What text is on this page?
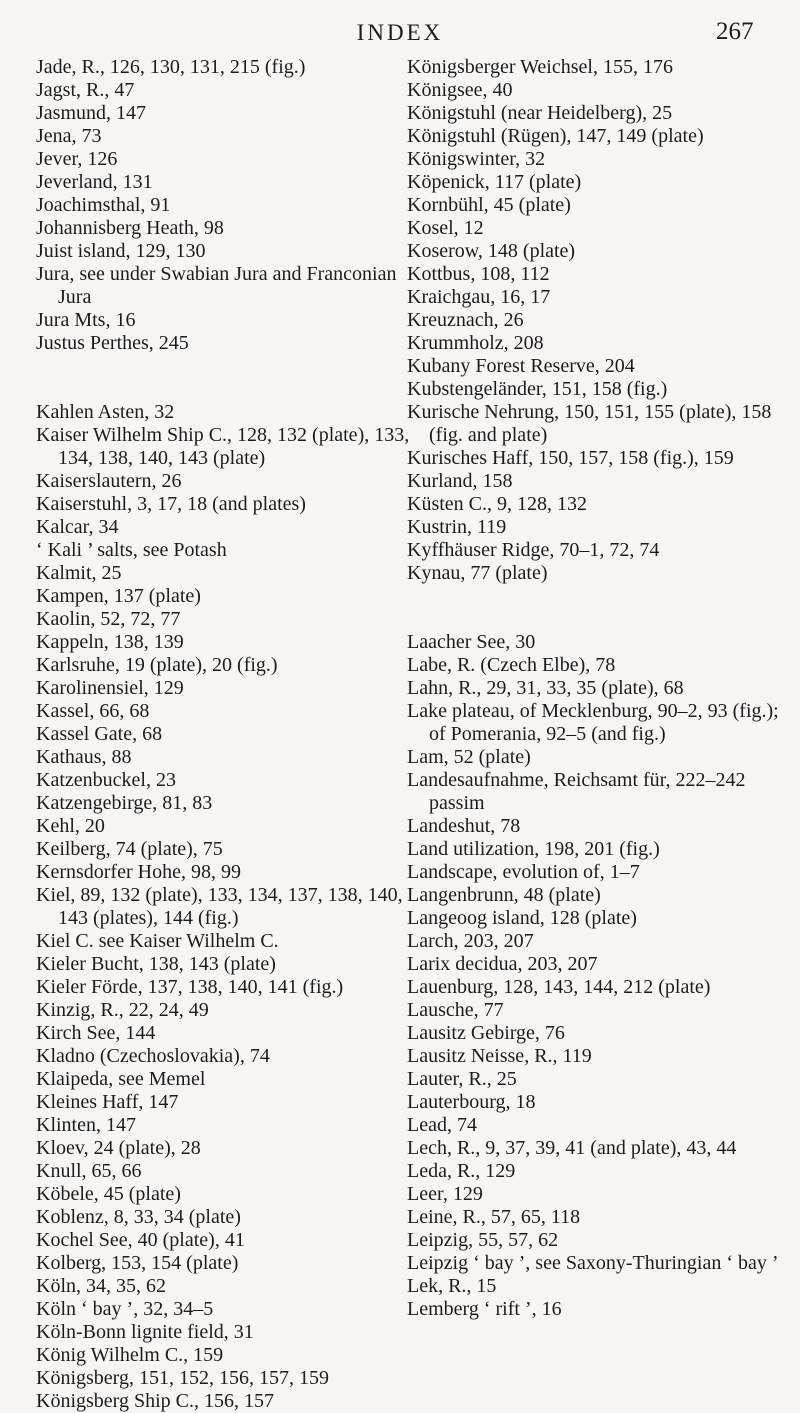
INDEX	267
Jade, R., 126, 130, 131, 215 (fig.)
Jagst, R., 47
Jasmund, 147
Jena, 73
Jever, 126
Jeverland, 131
Joachimsthal, 91
Johannisberg Heath, 98
Juist island, 129, 130
Jura, see under Swabian Jura and Franconian Jura
Jura Mts, 16
Justus Perthes, 245
Kahlen Asten, 32
Kaiser Wilhelm Ship C., 128, 132 (plate), 133, 134, 138, 140, 143 (plate)
Kaiserslautern, 26
Kaiserstuhl, 3, 17, 18 (and plates)
Kalcar, 34
‘ Kali ’ salts, see Potash
Kalmit, 25
Kampen, 137 (plate)
Kaolin, 52, 72, 77
Kappeln, 138, 139
Karlsruhe, 19 (plate), 20 (fig.)
Karolinensiel, 129
Kassel, 66, 68
Kassel Gate, 68
Kathaus, 88
Katzenbuckel, 23
Katzengebirge, 81, 83
Kehl, 20
Keilberg, 74 (plate), 75
Kernsdorfer Hohe, 98, 99
Kiel, 89, 132 (plate), 133, 134, 137, 138, 140, 143 (plates), 144 (fig.)
Kiel C. see Kaiser Wilhelm C.
Kieler Bucht, 138, 143 (plate)
Kieler Förde, 137, 138, 140, 141 (fig.)
Kinzig, R., 22, 24, 49
Kirch See, 144
Kladno (Czechoslovakia), 74
Klaipeda, see Memel
Kleines Haff, 147
Klinten, 147
Kloev, 24 (plate), 28
Knull, 65, 66
Köbele, 45 (plate)
Koblenz, 8, 33, 34 (plate)
Kochel See, 40 (plate), 41
Kolberg, 153, 154 (plate)
Köln, 34, 35, 62
Köln ‘ bay ’, 32, 34–5
Köln-Bonn lignite field, 31
König Wilhelm C., 159
Königsberg, 151, 152, 156, 157, 159
Königsberg Ship C., 156, 157
Königsberger Weichsel, 155, 176
Königsee, 40
Königstuhl (near Heidelberg), 25
Königstuhl (Rügen), 147, 149 (plate)
Königswinter, 32
Köpenick, 117 (plate)
Kornbühl, 45 (plate)
Kosel, 12
Koserow, 148 (plate)
Kottbus, 108, 112
Kraichgau, 16, 17
Kreuznach, 26
Krummholz, 208
Kubany Forest Reserve, 204
Kubstengeländer, 151, 158 (fig.)
Kurische Nehrung, 150, 151, 155 (plate), 158 (fig. and plate)
Kurisches Haff, 150, 157, 158 (fig.), 159
Kurland, 158
Küsten C., 9, 128, 132
Kustrin, 119
Kyffhäuser Ridge, 70–1, 72, 74
Kynau, 77 (plate)
Laacher See, 30
Labe, R. (Czech Elbe), 78
Lahn, R., 29, 31, 33, 35 (plate), 68
Lake plateau, of Mecklenburg, 90–2, 93 (fig.); of Pomerania, 92–5 (and fig.)
Lam, 52 (plate)
Landesaufnahme, Reichsamt für, 222–242 passim
Landeshut, 78
Land utilization, 198, 201 (fig.)
Landscape, evolution of, 1–7
Langenbrunn, 48 (plate)
Langeoog island, 128 (plate)
Larch, 203, 207
Larix decidua, 203, 207
Lauenburg, 128, 143, 144, 212 (plate)
Lausche, 77
Lausitz Gebirge, 76
Lausitz Neisse, R., 119
Lauter, R., 25
Lauterbourg, 18
Lead, 74
Lech, R., 9, 37, 39, 41 (and plate), 43, 44
Leda, R., 129
Leer, 129
Leine, R., 57, 65, 118
Leipzig, 55, 57, 62
Leipzig ‘ bay ’, see Saxony-Thuringian ‘ bay ’
Lek, R., 15
Lemberg ‘ rift ’, 16
